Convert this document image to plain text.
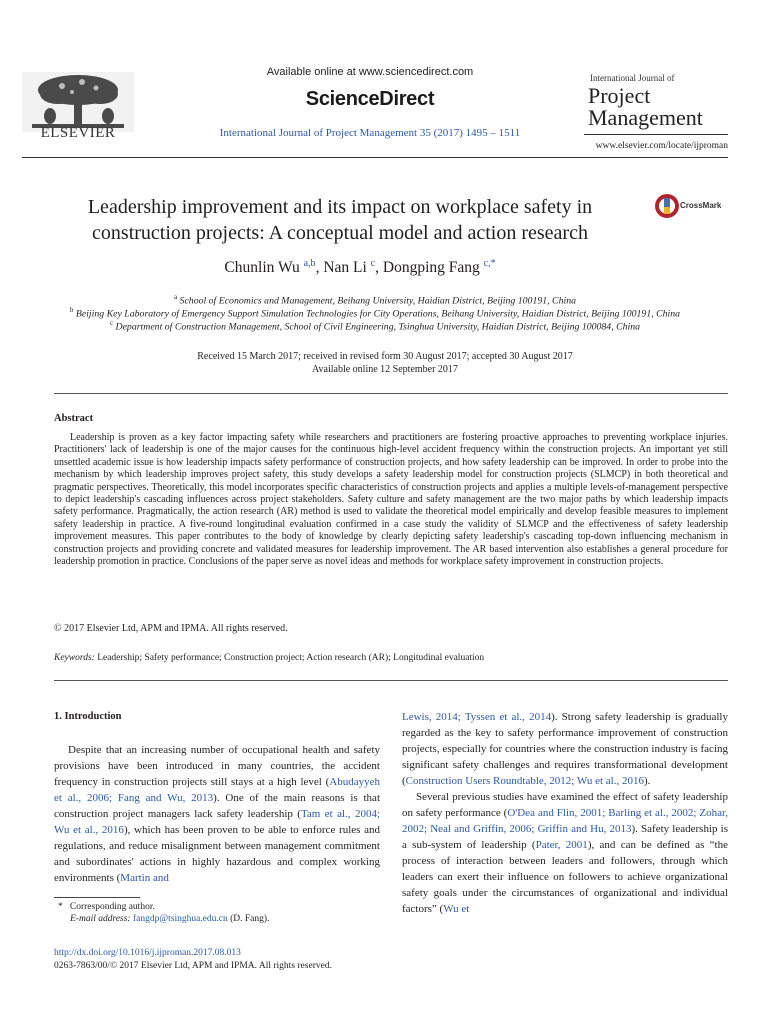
ELSEVIER
Available online at www.sciencedirect.com
ScienceDirect
International Journal of Project Management 35 (2017) 1495 – 1511
International Journal of
Project
Management
www.elsevier.com/locate/ijproman
Leadership improvement and its impact on workplace safety in construction projects: A conceptual model and action research
CrossMark
Chunlin Wu $^{a,b}$, Nan Li $^c$, Dongping Fang $^{c,*}$
$^a$ School of Economics and Management, Beihang University, Haidian District, Beijing 100191, China
$^b$ Beijing Key Laboratory of Emergency Support Simulation Technologies for City Operations, Beihang University, Haidian District, Beijing 100191, China
$^c$ Department of Construction Management, School of Civil Engineering, Tsinghua University, Haidian District, Beijing 100084, China
Received 15 March 2017; received in revised form 30 August 2017; accepted 30 August 2017
Available online 12 September 2017
Abstract
Leadership is proven as a key factor impacting safety while researchers and practitioners are fostering proactive approaches to preventing workplace injuries. Practitioners' lack of leadership is one of the major causes for the continuous high-level accident frequency within the construction projects. An important yet still unsettled academic issue is how leadership impacts safety performance of construction projects, and how safety leadership can be improved. In order to probe into the mechanism by which leadership improves project safety, this study develops a safety leadership model for construction projects (SLMCP) in both theoretical and pragmatic perspectives. Theoretically, this model incorporates specific characteristics of construction projects and applies a multiple levels-of-management perspective to depict leadership's cascading influences across project stakeholders. Safety culture and safety management are the two major paths by which leadership impacts safety performance. Pragmatically, the action research (AR) method is used to validate the theoretical model empirically and develop feasible measures to implement safety leadership in practice. A five-round longitudinal evaluation confirmed in a case study the validity of SLMCP and the effectiveness of safety leadership improvement measures. This paper contributes to the body of knowledge by clearly depicting safety leadership's cascading top-down influencing mechanism in construction projects and providing concrete and validated measures for leadership improvement. The AR based intervention also establishes a general procedure for leadership promotion in practice. Conclusions of the paper serve as novel ideas and methods for workplace safety improvement in construction projects.
© 2017 Elsevier Ltd, APM and IPMA. All rights reserved.
Keywords: Leadership; Safety performance; Construction project; Action research (AR); Longitudinal evaluation
1. Introduction
Despite that an increasing number of occupational health and safety provisions have been introduced in many countries, the accident frequency in construction projects still stays at a high level (Abudayyeh et al., 2006; Fang and Wu, 2013). One of the main reasons is that construction project managers lack safety leadership (Tam et al., 2004; Wu et al., 2016), which has been proven to be able to enforce rules and regulations, and reduce misalignment between management commitment and subordinates' actions in highly hazardous and complex working environments (Martin and

Lewis, 2014; Tyssen et al., 2014). Strong safety leadership is gradually regarded as the key to safety performance improvement of construction projects, especially for countries where the construction industry is facing significant safety challenges and requires transformational development (Construction Users Roundtable, 2012; Wu et al., 2016).

Several previous studies have examined the effect of safety leadership on safety performance (O'Dea and Flin, 2001; Barling et al., 2002; Zohar, 2002; Neal and Griffin, 2006; Griffin and Hu, 2013). Safety leadership is a sub-system of leadership (Pater, 2001), and can be defined as “the process of interaction between leaders and followers, through which leaders can exert their influence on followers to achieve organizational safety goals under the circumstances of organizational and individual factors” (Wu et

* Corresponding author.
E-mail address: fangdp@tsinghua.edu.cn (D. Fang).
http://dx.doi.org/10.1016/j.ijproman.2017.08.013
0263-7863/00/© 2017 Elsevier Ltd, APM and IPMA. All rights reserved.
